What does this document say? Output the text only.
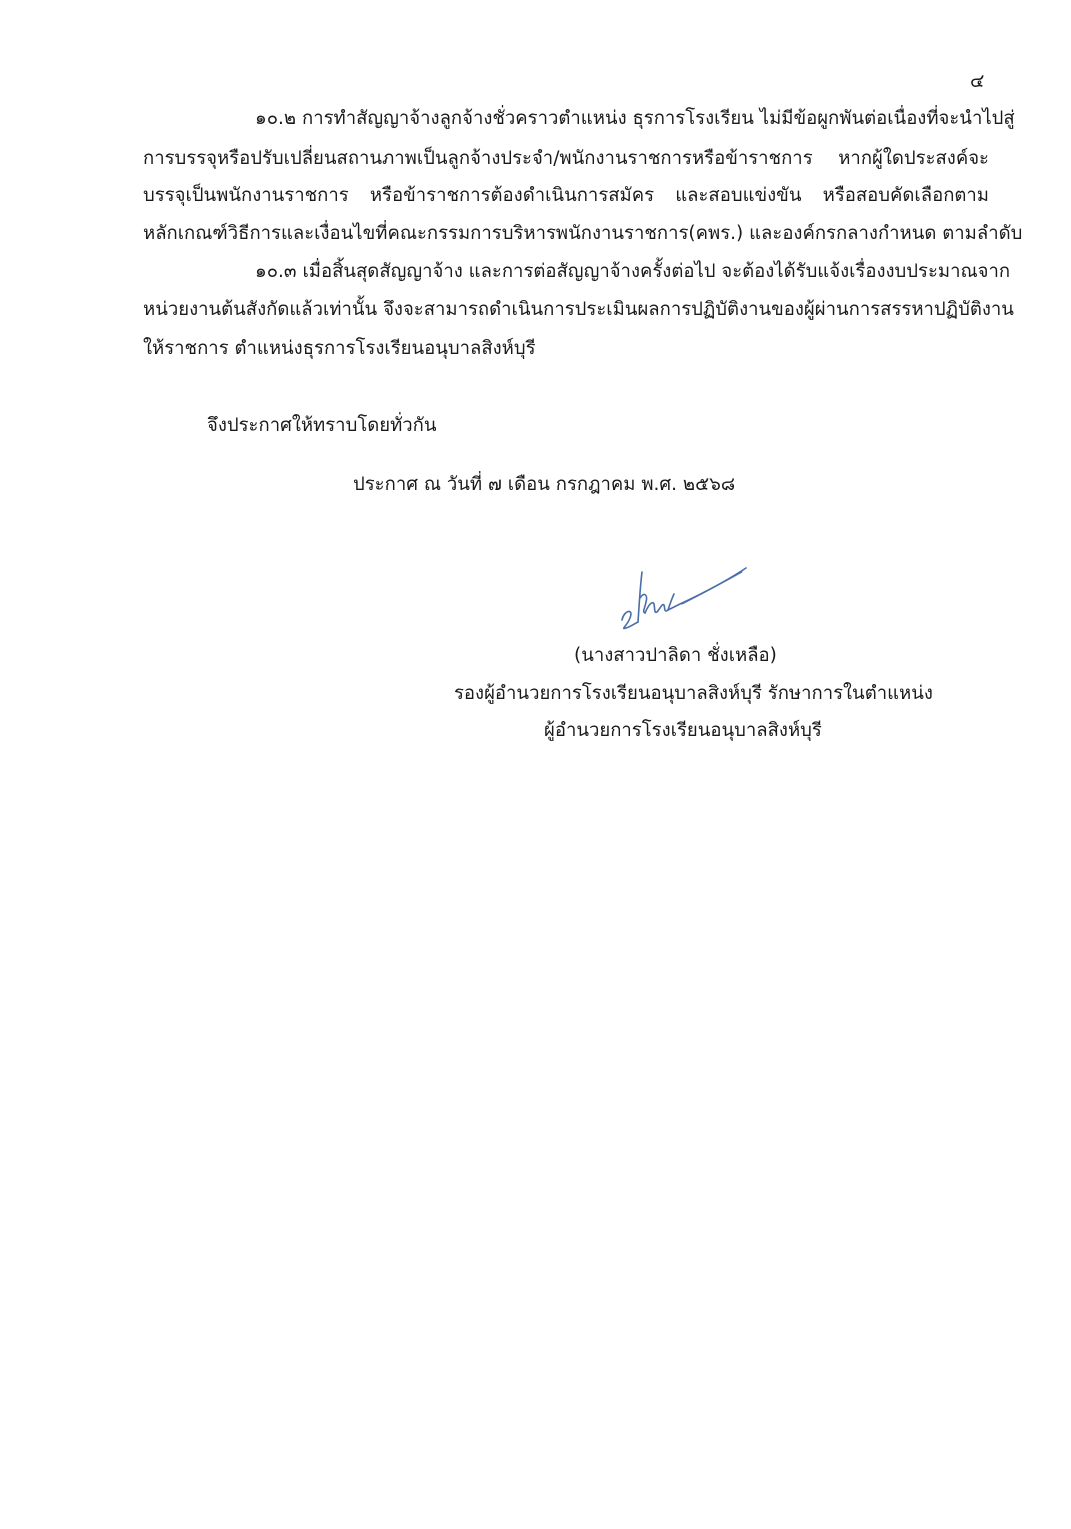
๔
๑๐.๒ การทำสัญญาจ้างลูกจ้างชั่วคราวตำแหน่ง ธุรการโรงเรียน ไม่มีข้อผูกพันต่อเนื่องที่จะนำไปสู่
การบรรจุหรือปรับเปลี่ยนสถานภาพเป็นลูกจ้างประจำ/พนักงานราชการหรือข้าราชการ หากผู้ใดประสงค์จะ
บรรจุเป็นพนักงานราชการ หรือข้าราชการต้องดำเนินการสมัคร และสอบแข่งขัน หรือสอบคัดเลือกตาม
หลักเกณฑ์วิธีการและเงื่อนไขที่คณะกรรมการบริหารพนักงานราชการ(คพร.) และองค์กรกลางกำหนด ตามลำดับ
๑๐.๓ เมื่อสิ้นสุดสัญญาจ้าง และการต่อสัญญาจ้างครั้งต่อไป จะต้องได้รับแจ้งเรื่องงบประมาณจาก
หน่วยงานต้นสังกัดแล้วเท่านั้น จึงจะสามารถดำเนินการประเมินผลการปฏิบัติงานของผู้ผ่านการสรรหาปฏิบัติงาน
ให้ราชการ ตำแหน่งธุรการโรงเรียนอนุบาลสิงห์บุรี
จึงประกาศให้ทราบโดยทั่วกัน
ประกาศ ณ วันที่ ๗ เดือน กรกฎาคม พ.ศ. ๒๕๖๘
(นางสาวปาลิดา ชั่งเหลือ)
รองผู้อำนวยการโรงเรียนอนุบาลสิงห์บุรี รักษาการในตำแหน่ง
ผู้อำนวยการโรงเรียนอนุบาลสิงห์บุรี
